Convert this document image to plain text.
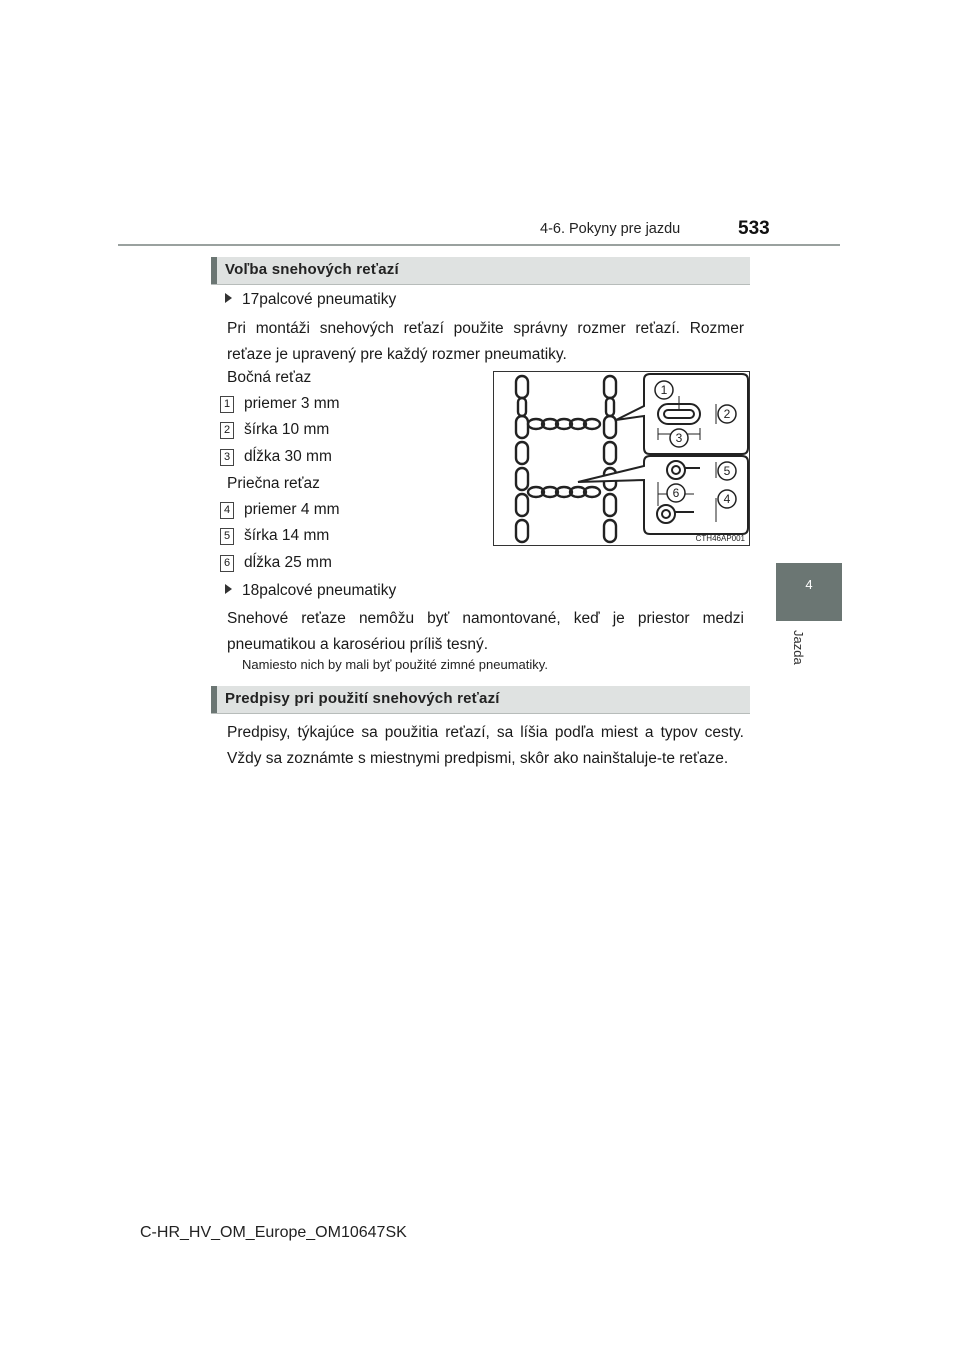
4-6. Pokyny pre jazdu	533
4
Jazda
Voľba snehových reťazí
17palcové pneumatiky
Pri montáži snehových reťazí použite správny rozmer reťazí. Rozmer reťaze je upravený pre každý rozmer pneumatiky.
Bočná reťaz
1 priemer 3 mm
2 šírka 10 mm
3 dĺžka 30 mm
Priečna reťaz
4 priemer 4 mm
5 šírka 14 mm
6 dĺžka 25 mm
1
2
3
4
5
6
CTH46AP001
18palcové pneumatiky
Snehové reťaze nemôžu byť namontované, keď je priestor medzi pneumatikou a karosériou príliš tesný.
Namiesto nich by mali byť použité zimné pneumatiky.
Predpisy pri použití snehových reťazí
Predpisy, týkajúce sa použitia reťazí, sa líšia podľa miest a typov cesty. Vždy sa zoznámte s miestnymi predpismi, skôr ako nainštaluje-te reťaze.
C-HR_HV_OM_Europe_OM10647SK
